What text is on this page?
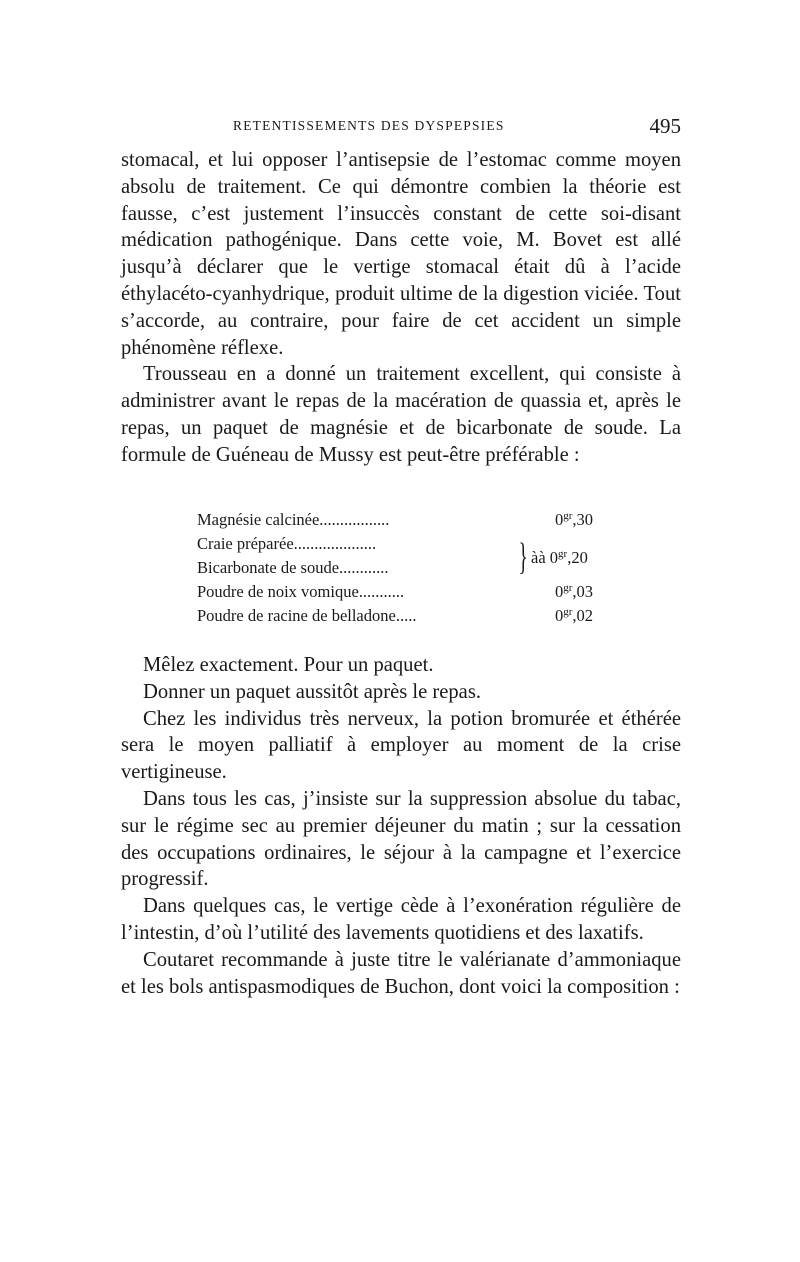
RETENTISSEMENTS DES DYSPEPSIES	495

stomacal, et lui opposer l’antisepsie de l’estomac comme moyen absolu de traitement. Ce qui démontre combien la théorie est fausse, c’est justement l’insuccès constant de cette soi-disant médication pathogénique. Dans cette voie, M. Bovet est allé jusqu’à déclarer que le vertige stomacal était dû à l’acide éthylacéto-cyanhydrique, produit ultime de la digestion viciée. Tout s’accorde, au contraire, pour faire de cet accident un simple phénomène réflexe.

Trousseau en a donné un traitement excellent, qui consiste à administrer avant le repas de la macération de quassia et, après le repas, un paquet de magnésie et de bicarbonate de soude. La formule de Guéneau de Mussy est peut-être préférable :

Magnésie calcinée.................	$0^{gr},30$
Craie préparée....................
Bicarbonate de soude............	} àà $0^{gr},20$
Poudre de noix vomique...........	$0^{gr},03$
Poudre de racine de belladone.....	$0^{gr},02$

Mêlez exactement. Pour un paquet.

Donner un paquet aussitôt après le repas.

Chez les individus très nerveux, la potion bromurée et éthérée sera le moyen palliatif à employer au moment de la crise vertigineuse.

Dans tous les cas, j’insiste sur la suppression absolue du tabac, sur le régime sec au premier déjeuner du matin ; sur la cessation des occupations ordinaires, le séjour à la campagne et l’exercice progressif.

Dans quelques cas, le vertige cède à l’exonération régulière de l’intestin, d’où l’utilité des lavements quotidiens et des laxatifs.

Coutaret recommande à juste titre le valérianate d’ammoniaque et les bols antispasmodiques de Buchon, dont voici la composition :
